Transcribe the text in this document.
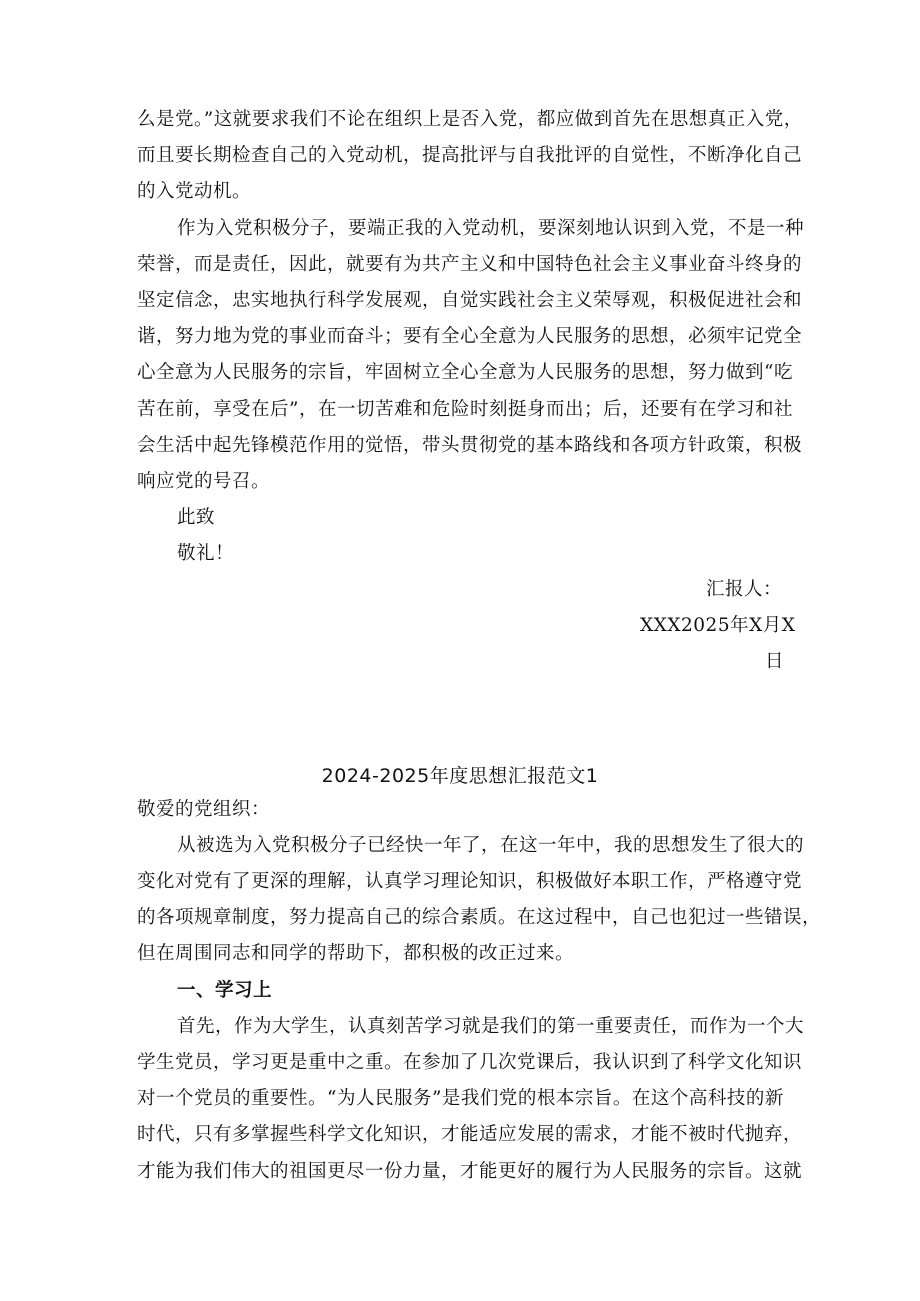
么是党。”这就要求我们不论在组织上是否入党，都应做到首先在思想真正入党，
而且要长期检查自己的入党动机，提高批评与自我批评的自觉性，不断净化自己
的入党动机。
作为入党积极分子，要端正我的入党动机，要深刻地认识到入党，不是一种
荣誉，而是责任，因此，就要有为共产主义和中国特色社会主义事业奋斗终身的
坚定信念，忠实地执行科学发展观，自觉实践社会主义荣辱观，积极促进社会和
谐，努力地为党的事业而奋斗；要有全心全意为人民服务的思想，必须牢记党全
心全意为人民服务的宗旨，牢固树立全心全意为人民服务的思想，努力做到“吃
苦在前，享受在后”，在一切苦难和危险时刻挺身而出；后，还要有在学习和社
会生活中起先锋模范作用的觉悟，带头贯彻党的基本路线和各项方针政策，积极
响应党的号召。
此致
敬礼！
汇报人：
XXX2025年X月X
日
2024-2025年度思想汇报范文1
敬爱的党组织：
从被选为入党积极分子已经快一年了，在这一年中，我的思想发生了很大的
变化对党有了更深的理解，认真学习理论知识，积极做好本职工作，严格遵守党
的各项规章制度，努力提高自己的综合素质。在这过程中，自己也犯过一些错误，
但在周围同志和同学的帮助下，都积极的改正过来。
一、学习上
首先，作为大学生，认真刻苦学习就是我们的第一重要责任，而作为一个大
学生党员，学习更是重中之重。在参加了几次党课后，我认识到了科学文化知识
对一个党员的重要性。“为人民服务”是我们党的根本宗旨。在这个高科技的新
时代，只有多掌握些科学文化知识，才能适应发展的需求，才能不被时代抛弃，
才能为我们伟大的祖国更尽一份力量，才能更好的履行为人民服务的宗旨。这就
